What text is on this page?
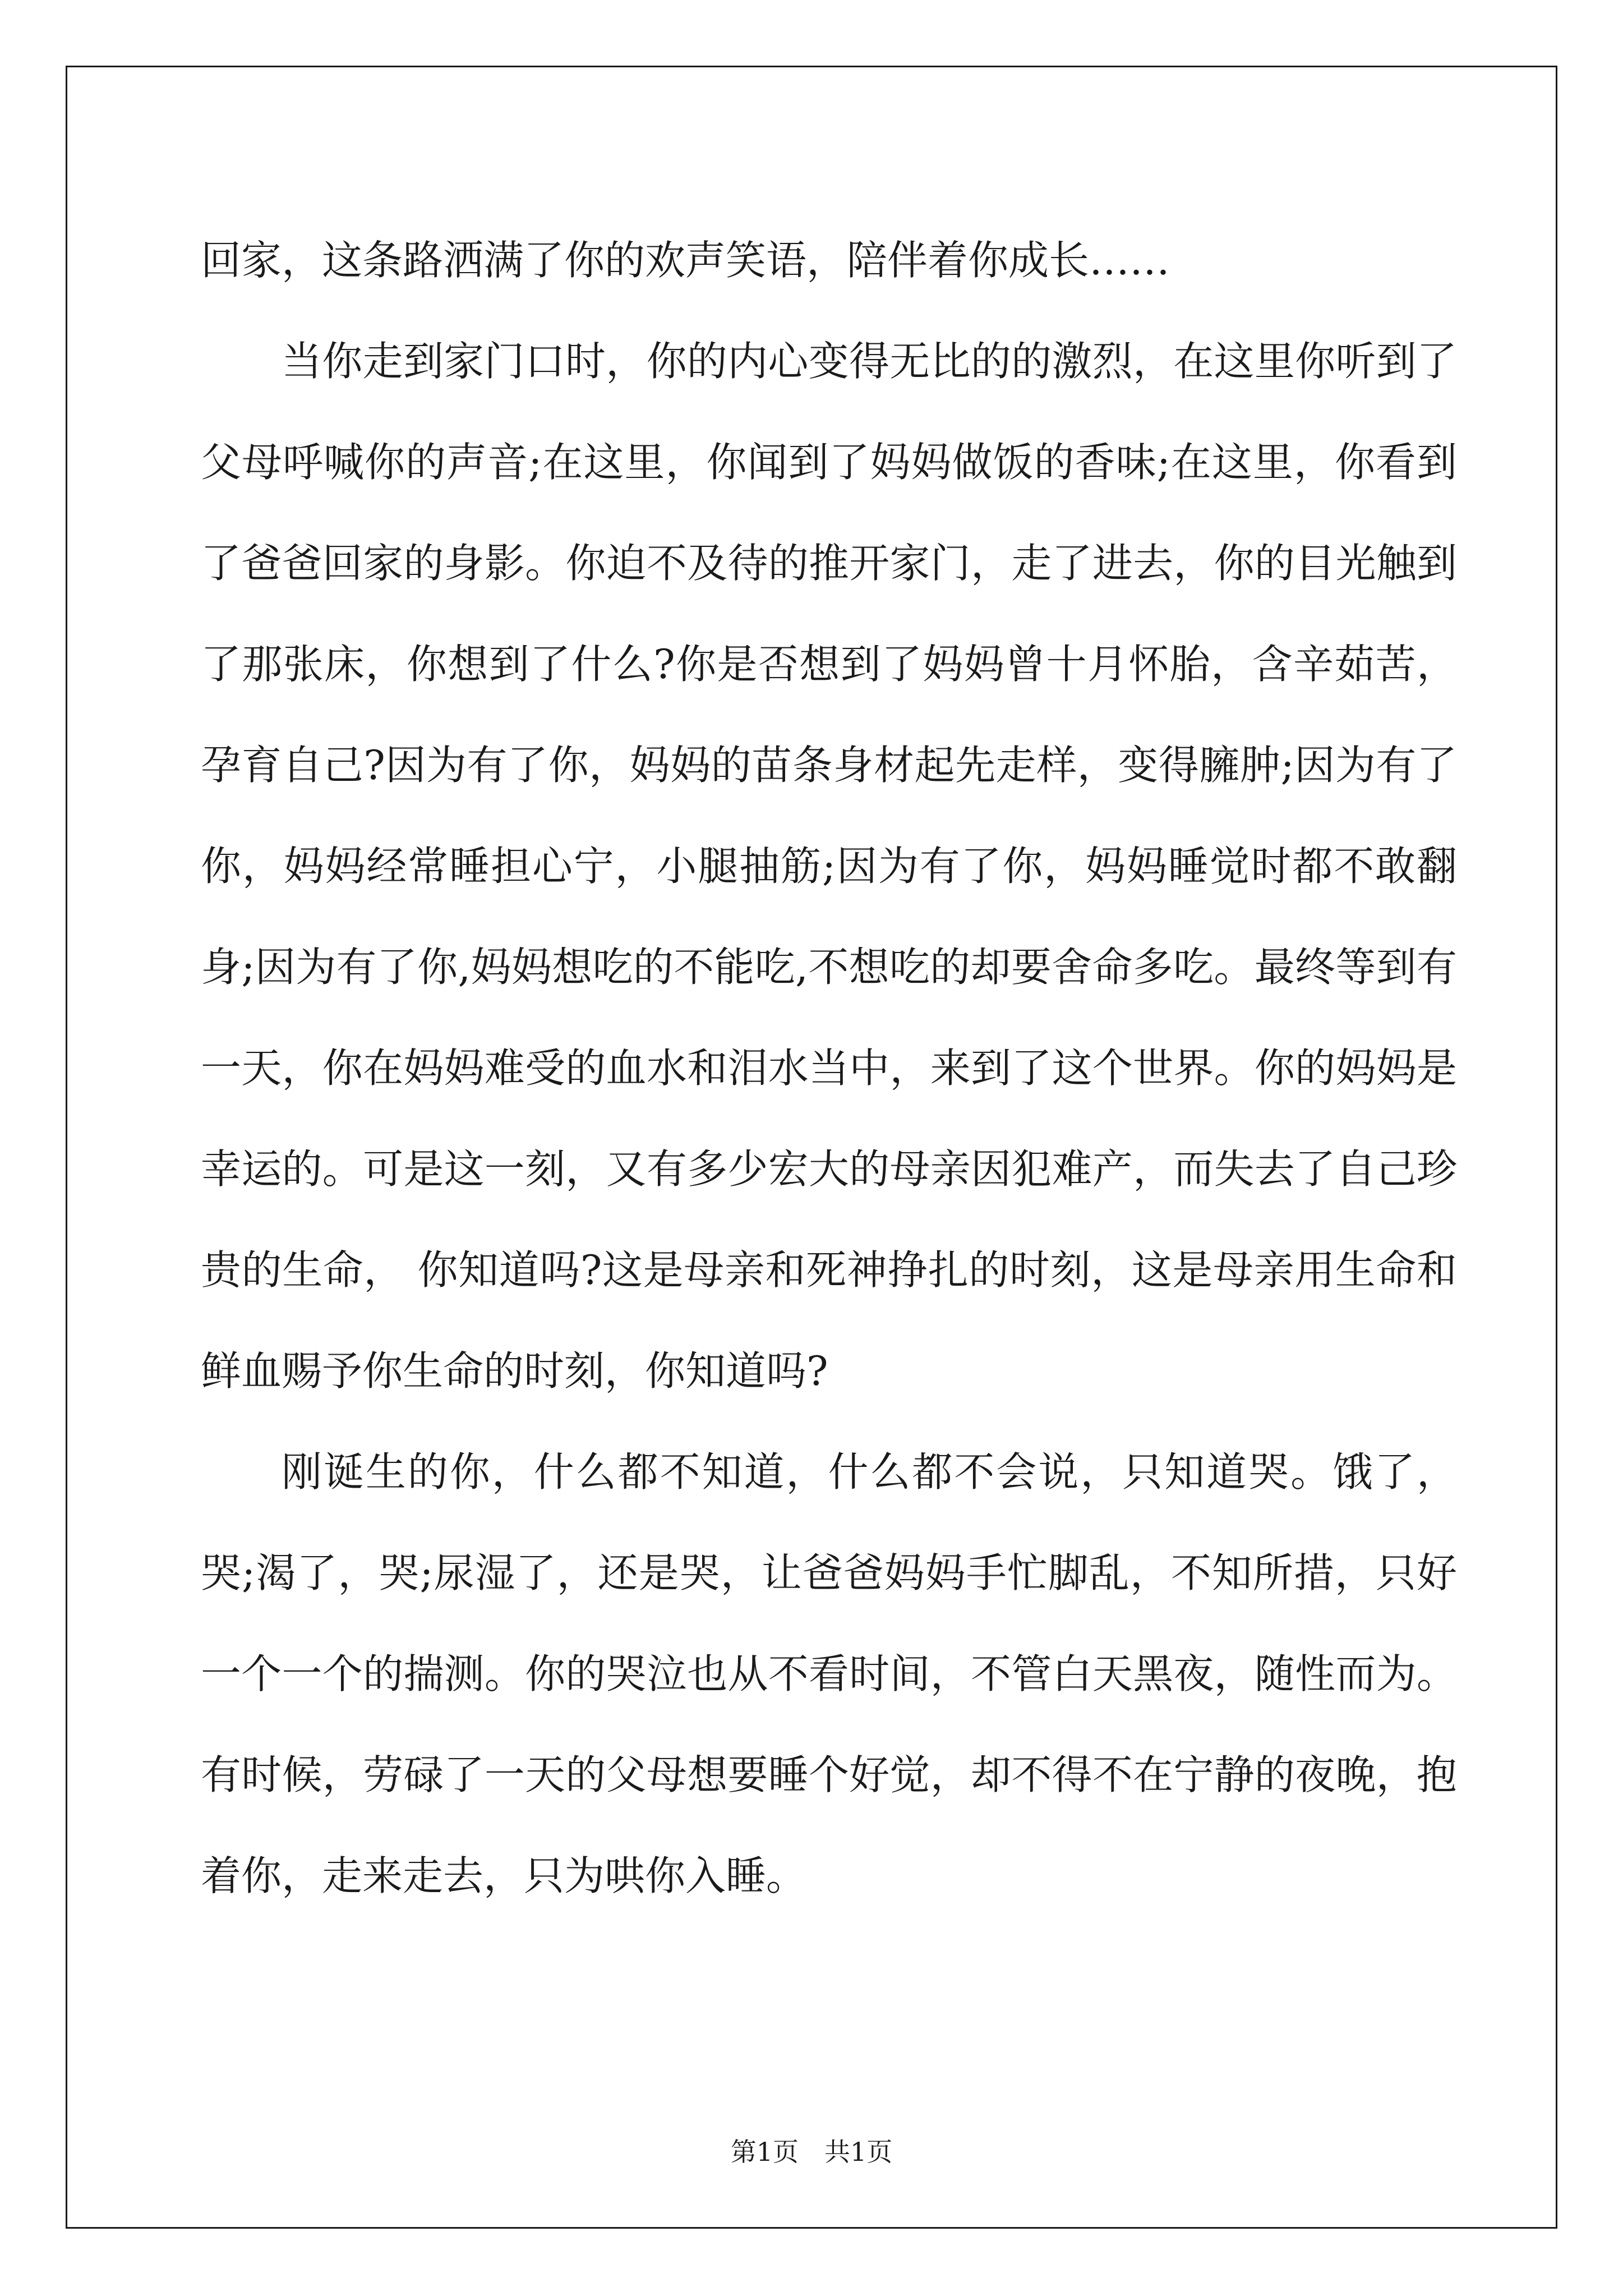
回家，这条路洒满了你的欢声笑语，陪伴着你成长……

当你走到家门口时，你的内心变得无比的的激烈，在这里你听到了父母呼喊你的声音;在这里，你闻到了妈妈做饭的香味;在这里，你看到了爸爸回家的身影。你迫不及待的推开家门，走了进去，你的目光触到了那张床，你想到了什么?你是否想到了妈妈曾十月怀胎，含辛茹苦，孕育自己?因为有了你，妈妈的苗条身材起先走样，变得臃肿;因为有了你，妈妈经常睡担心宁，小腿抽筋;因为有了你，妈妈睡觉时都不敢翻身;因为有了你,妈妈想吃的不能吃,不想吃的却要舍命多吃。最终等到有一天，你在妈妈难受的血水和泪水当中，来到了这个世界。你的妈妈是幸运的。可是这一刻，又有多少宏大的母亲因犯难产，而失去了自己珍贵的生命， 你知道吗?这是母亲和死神挣扎的时刻，这是母亲用生命和鲜血赐予你生命的时刻，你知道吗?

刚诞生的你，什么都不知道，什么都不会说，只知道哭。饿了，哭;渴了，哭;尿湿了，还是哭，让爸爸妈妈手忙脚乱，不知所措，只好一个一个的揣测。你的哭泣也从不看时间，不管白天黑夜，随性而为。有时候，劳碌了一天的父母想要睡个好觉，却不得不在宁静的夜晚，抱着你，走来走去，只为哄你入睡。

第1页　共1页
